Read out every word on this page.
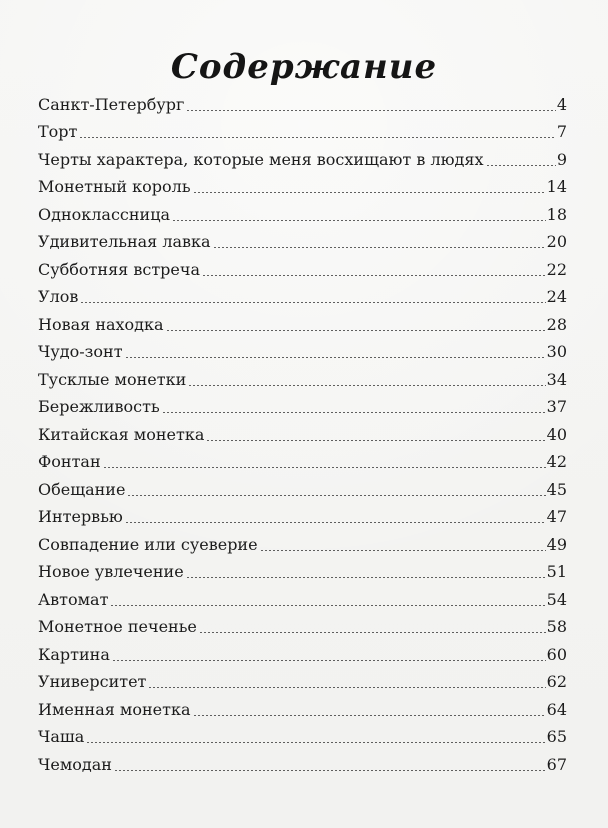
Содержание
Санкт-Петербург	4
Торт	7
Черты характера, которые меня восхищают в людях	9
Монетный король	14
Одноклассница	18
Удивительная лавка	20
Субботняя встреча	22
Улов	24
Новая находка	28
Чудо-зонт	30
Тусклые монетки	34
Бережливость	37
Китайская монетка	40
Фонтан	42
Обещание	45
Интервью	47
Совпадение или суеверие	49
Новое увлечение	51
Автомат	54
Монетное печенье	58
Картина	60
Университет	62
Именная монетка	64
Чаша	65
Чемодан	67
